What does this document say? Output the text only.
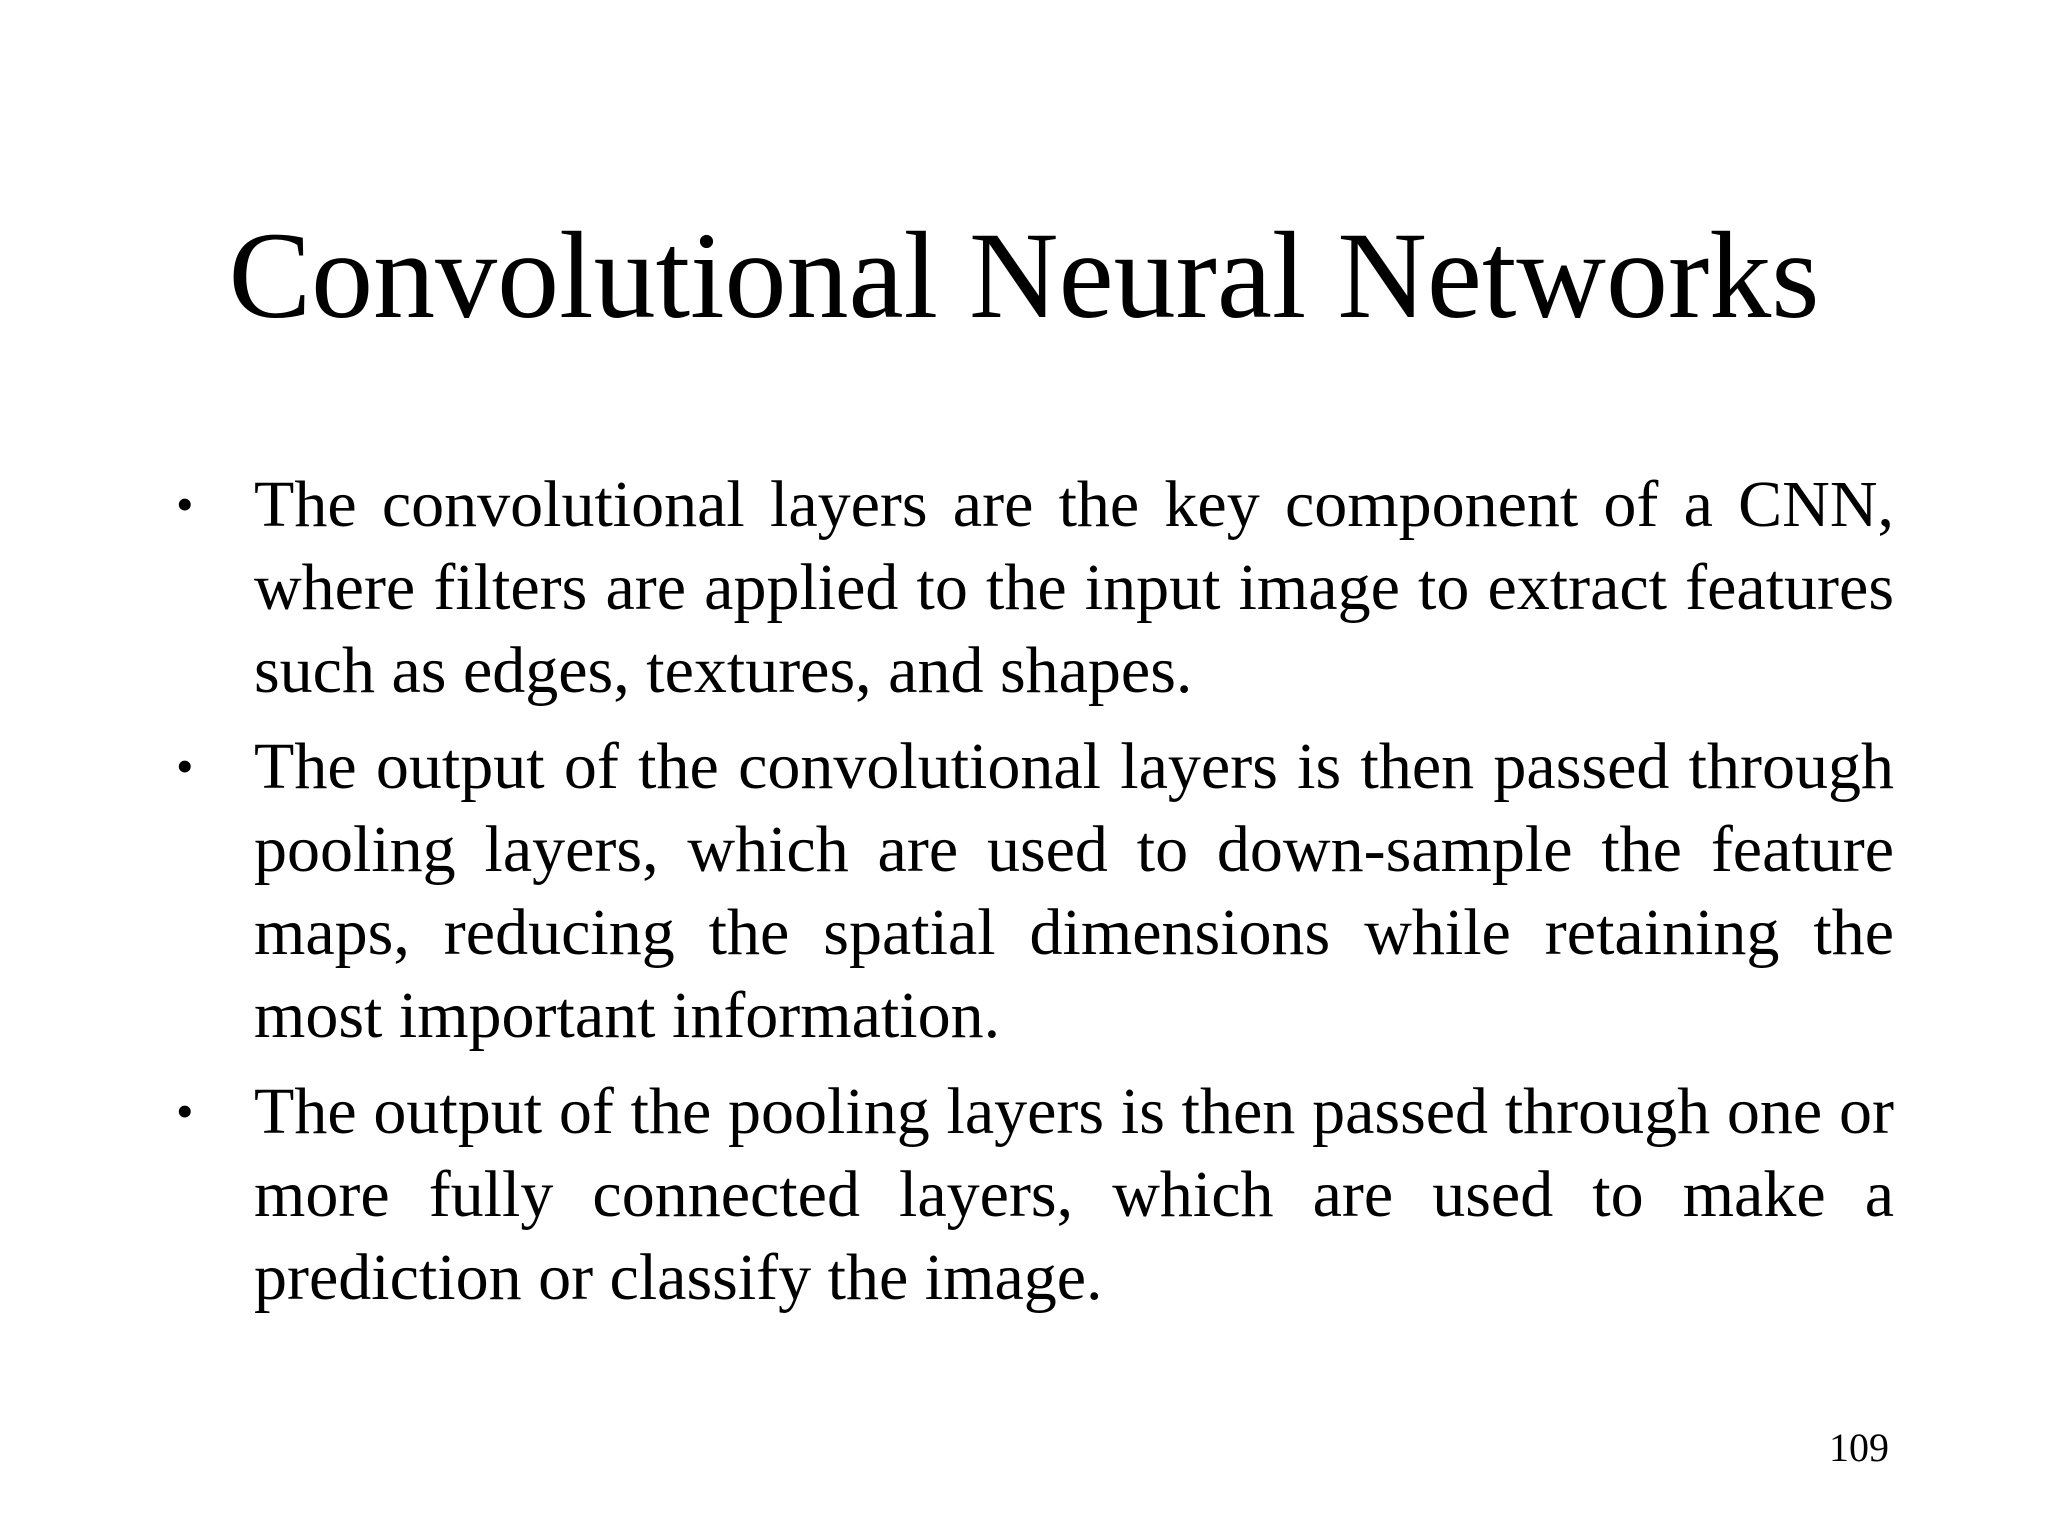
Convolutional Neural Networks
• The convolutional layers are the key component of a CNN, where filters are applied to the input image to extract features such as edges, textures, and shapes.
• The output of the convolutional layers is then passed through pooling layers, which are used to down-sample the feature maps, reducing the spatial dimensions while retaining the most important information.
• The output of the pooling layers is then passed through one or more fully connected layers, which are used to make a prediction or classify the image.
109
